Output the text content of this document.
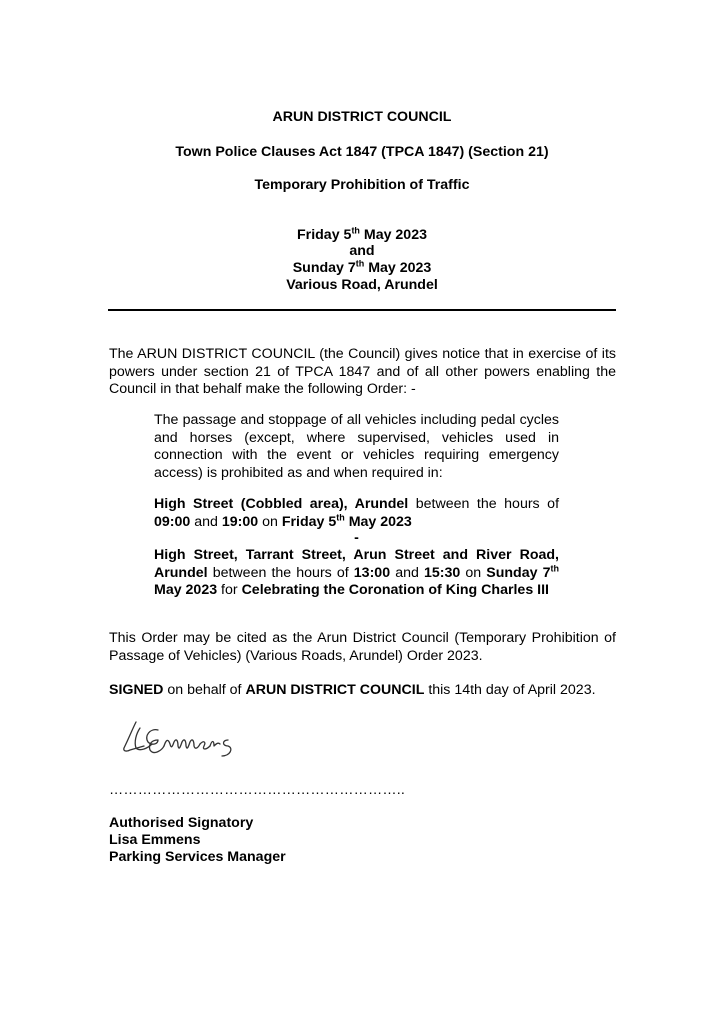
ARUN DISTRICT COUNCIL
Town Police Clauses Act 1847 (TPCA 1847) (Section 21)
Temporary Prohibition of Traffic
Friday 5th May 2023
and
Sunday 7th May 2023
Various Road, Arundel
The ARUN DISTRICT COUNCIL (the Council) gives notice that in exercise of its powers under section 21 of TPCA 1847 and of all other powers enabling the Council in that behalf make the following Order: -
The passage and stoppage of all vehicles including pedal cycles and horses (except, where supervised, vehicles used in connection with the event or vehicles requiring emergency access) is prohibited as and when required in:
High Street (Cobbled area), Arundel between the hours of 09:00 and 19:00 on Friday 5th May 2023
-
High Street, Tarrant Street, Arun Street and River Road, Arundel between the hours of 13:00 and 15:30 on Sunday 7th May 2023 for Celebrating the Coronation of King Charles III
This Order may be cited as the Arun District Council (Temporary Prohibition of Passage of Vehicles) (Various Roads, Arundel) Order 2023.
SIGNED on behalf of ARUN DISTRICT COUNCIL this 14th day of April 2023.
LEmmens
……………………………………………………..
Authorised Signatory
Lisa Emmens
Parking Services Manager
